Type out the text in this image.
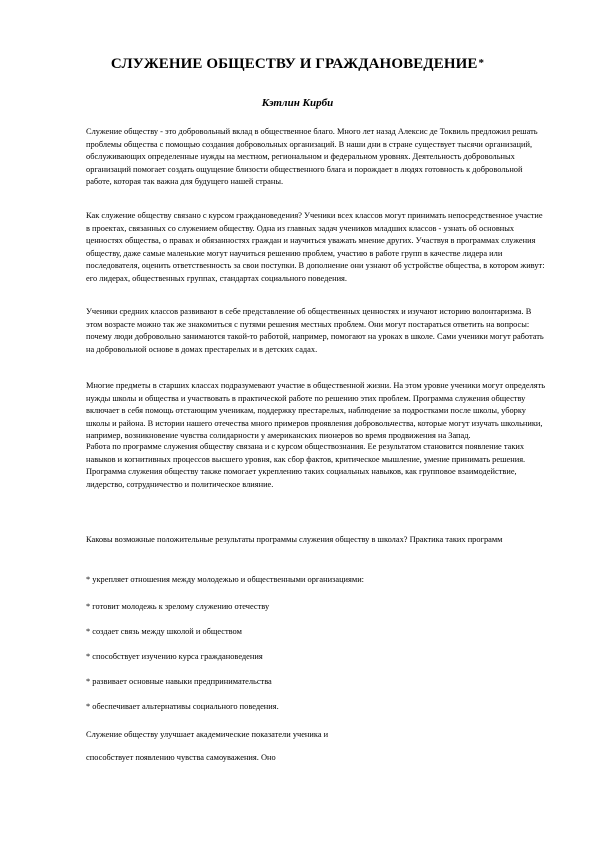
СЛУЖЕНИЕ ОБЩЕСТВУ И ГРАЖДАНОВЕДЕНИЕ*
Кэтлин Кирби

Служение обществу - это добровольный вклад в общественное благо. Много лет назад Алексис де Токвиль предложил решать проблемы общества с помощью создания добровольных организаций. В наши дни в стране существует тысячи организаций, обслуживающих определенные нужды на местном, региональном и федеральном уровнях. Деятельность добровольных организаций помогает создать ощущение близости общественного блага и порождает в людях готовность к добровольной работе, которая так важна для будущего нашей страны.

Как служение обществу связано с курсом граждановедения? Ученики всех классов могут принимать непосредственное участие в проектах, связанных со служением обществу. Одна из главных задач учеников младших классов - узнать об основных ценностях общества, о правах и обязанностях граждан и научиться уважать мнение других. Участвуя в программах служения обществу, даже самые маленькие могут научиться решению проблем, участию в работе групп в качестве лидера или последователя, оценить ответственность за свои поступки. В дополнение они узнают об устройстве общества, в котором живут: его лидерах, общественных группах, стандартах социального поведения.

Ученики средних классов развивают в себе представление об общественных ценностях и изучают историю волонтаризма. В этом возрасте можно так же знакомиться с путями решения местных проблем. Они могут постараться ответить на вопросы: почему люди добровольно занимаются такой-то работой, например, помогают на уроках в школе. Сами ученики могут работать на добровольной основе в домах престарелых и в детских садах.

Многие предметы в старших классах подразумевают участие в общественной жизни. На этом уровне ученики могут определять нужды школы и общества и участвовать в практической работе по решению этих проблем. Программа служения обществу включает в себя помощь отстающим ученикам, поддержку престарелых, наблюдение за подростками после школы, уборку школы и района. В истории нашего отечества много примеров проявления добровольчества, которые могут изучать школьники, например, возникновение чувства солидарности у американских пионеров во время продвижения на Запад.

Работа по программе служения обществу связана и с курсом обществознания. Ее результатом становится появление таких навыков и когнитивных процессов высшего уровня, как сбор фактов, критическое мышление, умение принимать решения. Программа служения обществу также помогает укреплению таких социальных навыков, как групповое взаимодействие, лидерство, сотрудничество и политическое влияние.

Каковы возможные положительные результаты программы служения обществу в школах? Практика таких программ

* укрепляет отношения между молодежью и общественными организациями:

* готовит молодежь к зрелому служению отечеству

* создает связь между школой и обществом

* способствует изучению курса граждановедения

* развивает основные навыки предпринимательства

* обеспечивает альтернативы социального поведения.

Служение обществу улучшает академические показатели ученика и

способствует появлению чувства самоуважения. Оно
